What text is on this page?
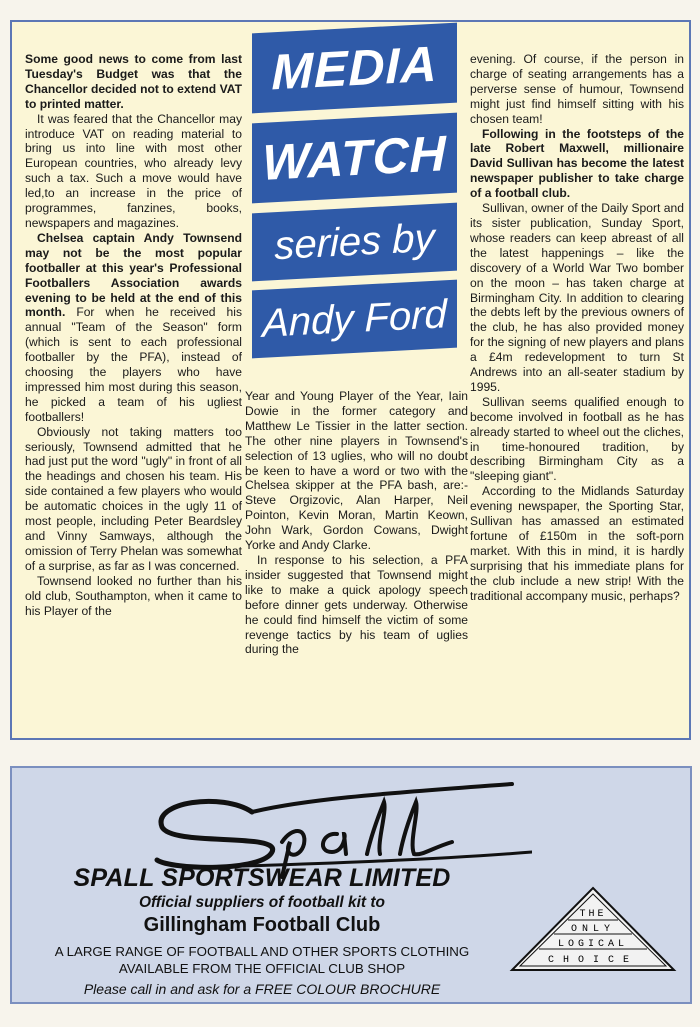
Some good news to come from last Tuesday's Budget was that the Chancellor decided not to extend VAT to printed matter.

It was feared that the Chancellor may introduce VAT on reading material to bring us into line with most other European countries, who already levy such a tax. Such a move would have led,to an increase in the price of programmes, fanzines, books, newspapers and magazines.

Chelsea captain Andy Townsend may not be the most popular footballer at this year's Professional Footballers Association awards evening to be held at the end of this month. For when he received his annual "Team of the Season" form (which is sent to each professional footballer by the PFA), instead of choosing the players who have impressed him most during this season, he picked a team of his ugliest footballers!

Obviously not taking matters too seriously, Townsend admitted that he had just put the word "ugly" in front of all the headings and chosen his team. His side contained a few players who would be automatic choices in the ugly 11 of most people, including Peter Beardsley and Vinny Samways, although the omission of Terry Phelan was somewhat of a surprise, as far as I was concerned.

Townsend looked no further than his old club, Southampton, when it came to his Player of the

Year and Young Player of the Year, Iain Dowie in the former category and Matthew Le Tissier in the latter section. The other nine players in Townsend's selection of 13 uglies, who will no doubt be keen to have a word or two with the Chelsea skipper at the PFA bash, are:- Steve Orgizovic, Alan Harper, Neil Pointon, Kevin Moran, Martin Keown, John Wark, Gordon Cowans, Dwight Yorke and Andy Clarke.

In response to his selection, a PFA insider suggested that Townsend might like to make a quick apology speech before dinner gets underway. Otherwise he could find himself the victim of some revenge tactics by his team of uglies during the

evening. Of course, if the person in charge of seating arrangements has a perverse sense of humour, Townsend might just find himself sitting with his chosen team!

Following in the footsteps of the late Robert Maxwell, millionaire David Sullivan has become the latest newspaper publisher to take charge of a football club.

Sullivan, owner of the Daily Sport and its sister publication, Sunday Sport, whose readers can keep abreast of all the latest happenings – like the discovery of a World War Two bomber on the moon – has taken charge at Birmingham City. In addition to clearing the debts left by the previous owners of the club, he has also provided money for the signing of new players and plans a £4m redevelopment to turn St Andrews into an all-seater stadium by 1995.

Sullivan seems qualified enough to become involved in football as he has already started to wheel out the cliches, in time-honoured tradition, by describing Birmingham City as a "sleeping giant".

According to the Midlands Saturday evening newspaper, the Sporting Star, Sullivan has amassed an estimated fortune of £150m in the soft-porn market. With this in mind, it is hardly surprising that his immediate plans for the club include a new strip! With the traditional accompany music, perhaps?

MEDIA
WATCH
series by
Andy Ford
SPALL SPORTSWEAR LIMITED
Official suppliers of football kit to
Gillingham Football Club
A LARGE RANGE OF FOOTBALL AND OTHER SPORTS CLOTHING
AVAILABLE FROM THE OFFICIAL CLUB SHOP
Please call in and ask for a FREE COLOUR BROCHURE
THE
ONLY
LOGICAL
CHOICE
